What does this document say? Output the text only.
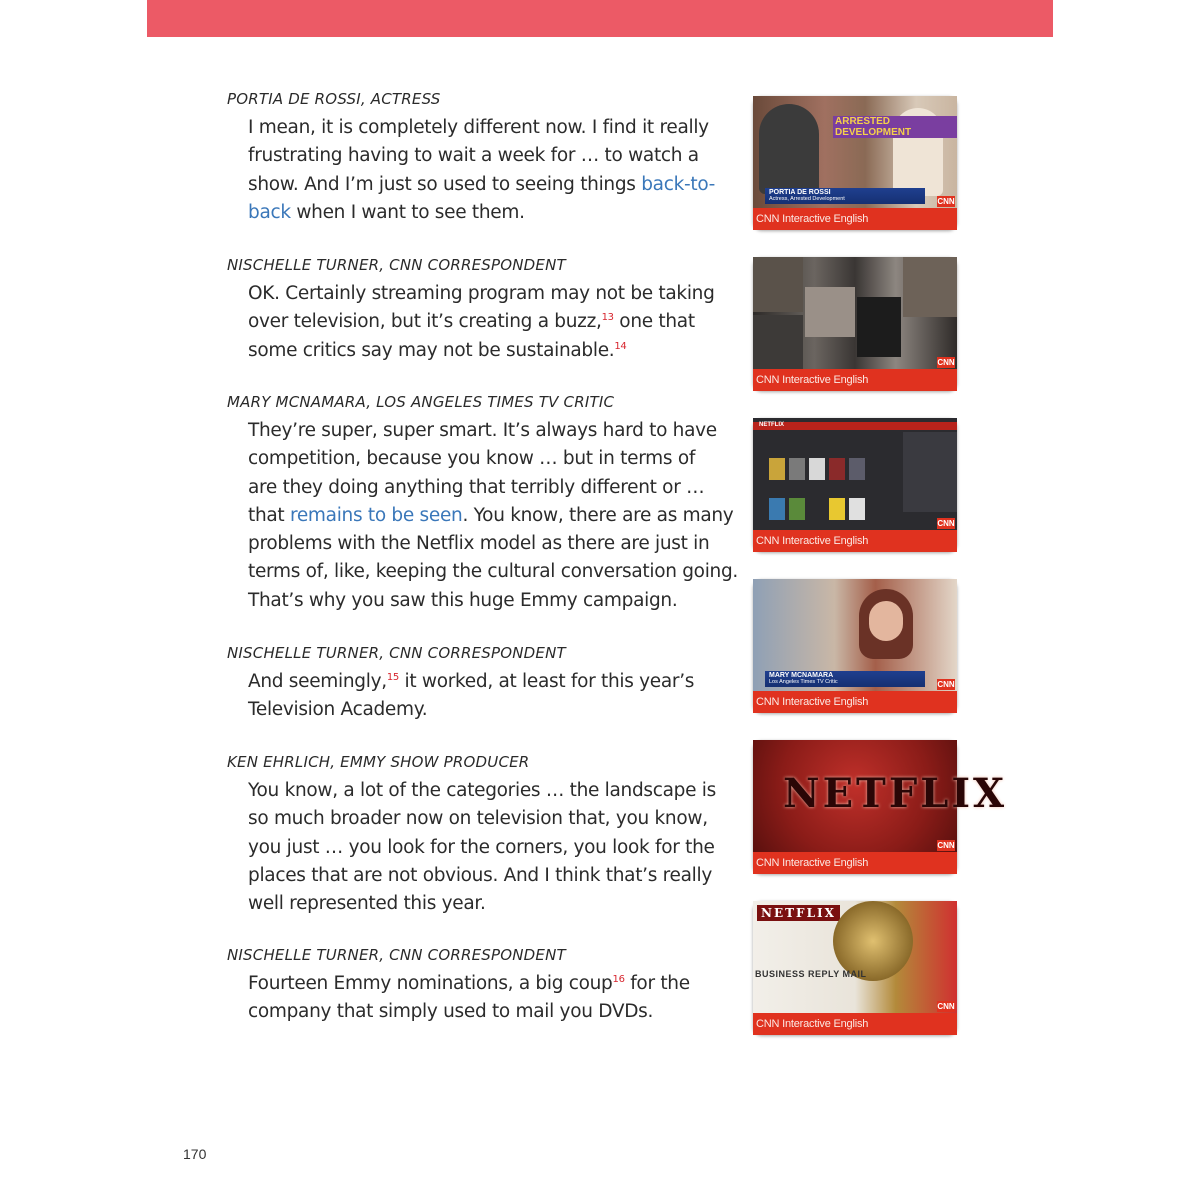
PORTIA DE ROSSI, ACTRESS
I mean, it is completely different now. I find it really
frustrating having to wait a week for … to watch a
show. And I’m just so used to seeing things back-to-
back when I want to see them.
NISCHELLE TURNER, CNN CORRESPONDENT
OK. Certainly streaming program may not be taking
over television, but it’s creating a buzz,$^{13}$ one that
some critics say may not be sustainable.$^{14}$
MARY MCNAMARA, LOS ANGELES TIMES TV CRITIC
They’re super, super smart. It’s always hard to have
competition, because you know … but in terms of
are they doing anything that terribly different or …
that remains to be seen. You know, there are as many
problems with the Netflix model as there are just in
terms of, like, keeping the cultural conversation going.
That’s why you saw this huge Emmy campaign.
NISCHELLE TURNER, CNN CORRESPONDENT
And seemingly,$^{15}$ it worked, at least for this year’s
Television Academy.
KEN EHRLICH, EMMY SHOW PRODUCER
You know, a lot of the categories … the landscape is
so much broader now on television that, you know,
you just … you look for the corners, you look for the
places that are not obvious. And I think that’s really
well represented this year.
NISCHELLE TURNER, CNN CORRESPONDENT
Fourteen Emmy nominations, a big coup$^{16}$ for the
company that simply used to mail you DVDs.
ARRESTED DEVELOPMENT
PORTIA DE ROSSI
Actress, Arrested Development	CNN
CNN Interactive English
CNN
CNN Interactive English
NETFLIX
CNN
CNN Interactive English
MARY MCNAMARA
Los Angeles Times TV Critic	CNN
CNN Interactive English
NETFLIX
CNN
CNN Interactive English
NETFLIX
BUSINESS REPLY MAIL
CNN
CNN Interactive English
170
